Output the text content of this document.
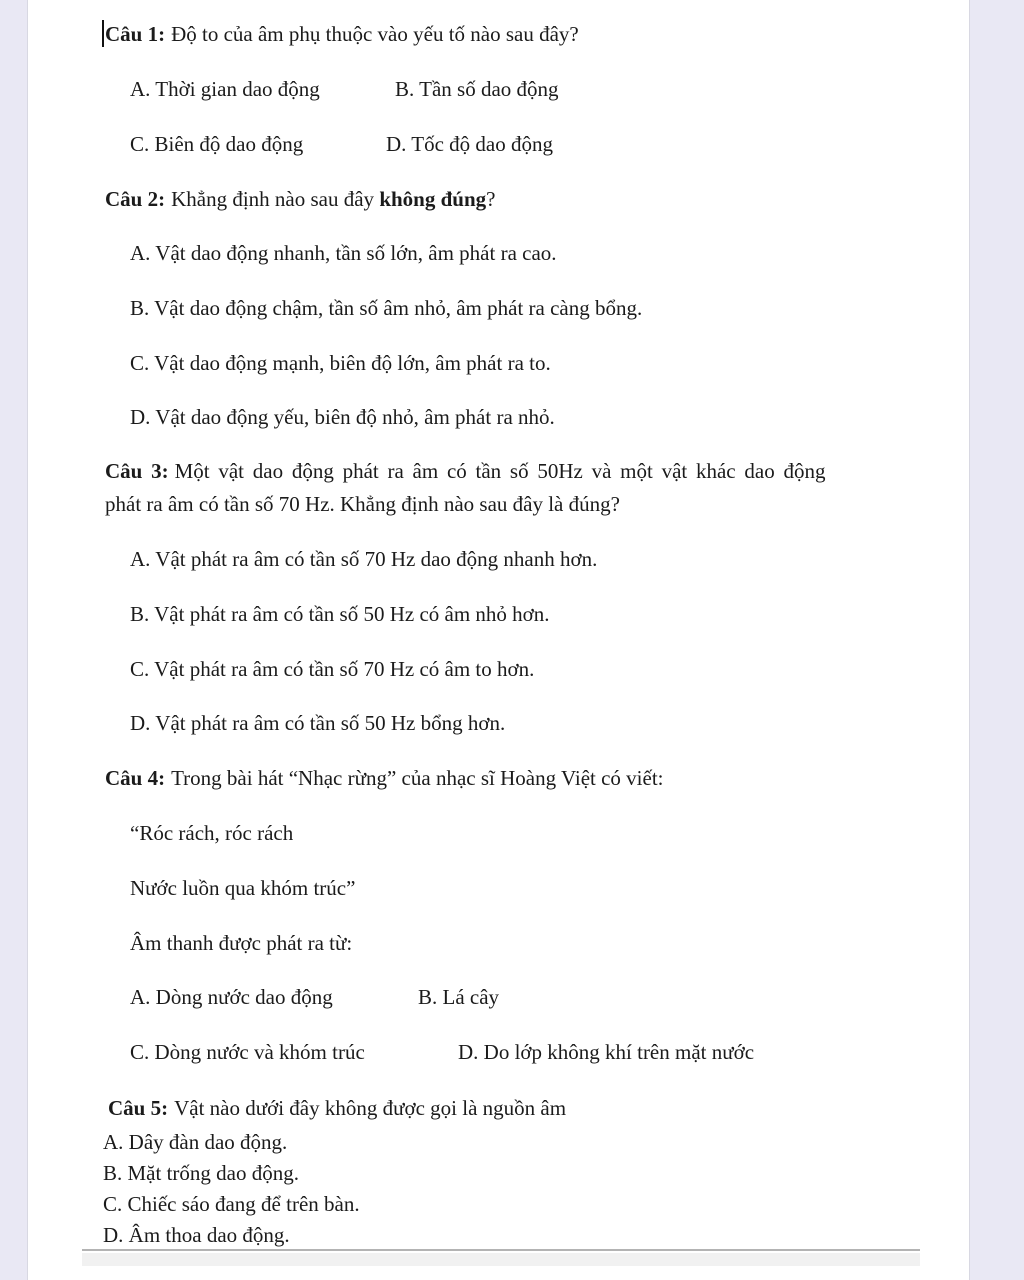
Câu 1: Độ to của âm phụ thuộc vào yếu tố nào sau đây?
A. Thời gian dao động	B. Tần số dao động
C. Biên độ dao động	D. Tốc độ dao động
Câu 2: Khẳng định nào sau đây không đúng?
A. Vật dao động nhanh, tần số lớn, âm phát ra cao.
B. Vật dao động chậm, tần số âm nhỏ, âm phát ra càng bổng.
C. Vật dao động mạnh, biên độ lớn, âm phát ra to.
D. Vật dao động yếu, biên độ nhỏ, âm phát ra nhỏ.
Câu 3: Một vật dao động phát ra âm có tần số 50Hz và một vật khác dao động
phát ra âm có tần số 70 Hz. Khẳng định nào sau đây là đúng?
A. Vật phát ra âm có tần số 70 Hz dao động nhanh hơn.
B. Vật phát ra âm có tần số 50 Hz có âm nhỏ hơn.
C. Vật phát ra âm có tần số 70 Hz có âm to hơn.
D. Vật phát ra âm có tần số 50 Hz bổng hơn.
Câu 4: Trong bài hát “Nhạc rừng” của nhạc sĩ Hoàng Việt có viết:
“Róc rách, róc rách
Nước luồn qua khóm trúc”
Âm thanh được phát ra từ:
A. Dòng nước dao động	B. Lá cây
C. Dòng nước và khóm trúc	D. Do lớp không khí trên mặt nước
Câu 5: Vật nào dưới đây không được gọi là nguồn âm
A. Dây đàn dao động.
B. Mặt trống dao động.
C. Chiếc sáo đang để trên bàn.
D. Âm thoa dao động.
